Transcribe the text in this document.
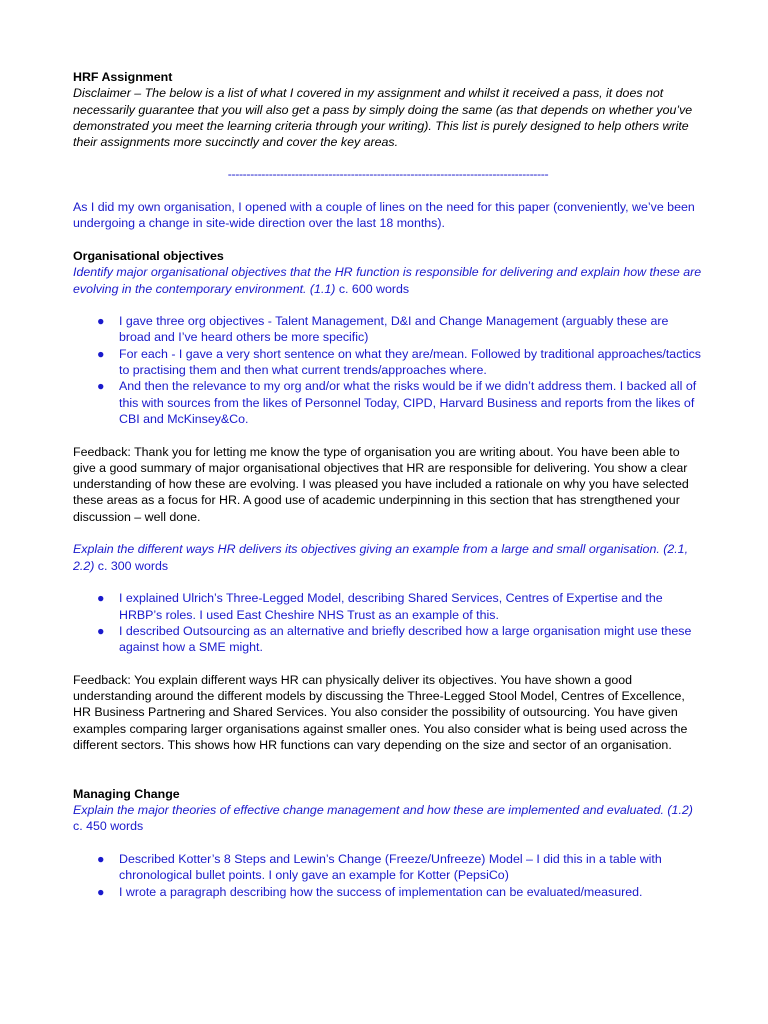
HRF Assignment

Disclaimer – The below is a list of what I covered in my assignment and whilst it received a pass, it does not necessarily guarantee that you will also get a pass by simply doing the same (as that depends on whether you’ve demonstrated you meet the learning criteria through your writing). This list is purely designed to help others write their assignments more succinctly and cover the key areas.

--------------------------------------------------------------------------------------

As I did my own organisation, I opened with a couple of lines on the need for this paper (conveniently, we’ve been undergoing a change in site-wide direction over the last 18 months).

Organisational objectives

Identify major organisational objectives that the HR function is responsible for delivering and explain how these are evolving in the contemporary environment. (1.1) c. 600 words

● I gave three org objectives - Talent Management, D&I and Change Management (arguably these are broad and I’ve heard others be more specific)
● For each - I gave a very short sentence on what they are/mean. Followed by traditional approaches/tactics to practising them and then what current trends/approaches where.
● And then the relevance to my org and/or what the risks would be if we didn’t address them. I backed all of this with sources from the likes of Personnel Today, CIPD, Harvard Business and reports from the likes of CBI and McKinsey&Co.

Feedback: Thank you for letting me know the type of organisation you are writing about. You have been able to give a good summary of major organisational objectives that HR are responsible for delivering. You show a clear understanding of how these are evolving. I was pleased you have included a rationale on why you have selected these areas as a focus for HR. A good use of academic underpinning in this section that has strengthened your discussion – well done.

Explain the different ways HR delivers its objectives giving an example from a large and small organisation. (2.1, 2.2) c. 300 words

● I explained Ulrich’s Three-Legged Model, describing Shared Services, Centres of Expertise and the HRBP’s roles. I used East Cheshire NHS Trust as an example of this.
● I described Outsourcing as an alternative and briefly described how a large organisation might use these against how a SME might.

Feedback: You explain different ways HR can physically deliver its objectives. You have shown a good understanding around the different models by discussing the Three-Legged Stool Model, Centres of Excellence, HR Business Partnering and Shared Services. You also consider the possibility of outsourcing. You have given examples comparing larger organisations against smaller ones. You also consider what is being used across the different sectors. This shows how HR functions can vary depending on the size and sector of an organisation.

Managing Change

Explain the major theories of effective change management and how these are implemented and evaluated. (1.2) c. 450 words

● Described Kotter’s 8 Steps and Lewin’s Change (Freeze/Unfreeze) Model – I did this in a table with chronological bullet points. I only gave an example for Kotter (PepsiCo)
● I wrote a paragraph describing how the success of implementation can be evaluated/measured.
